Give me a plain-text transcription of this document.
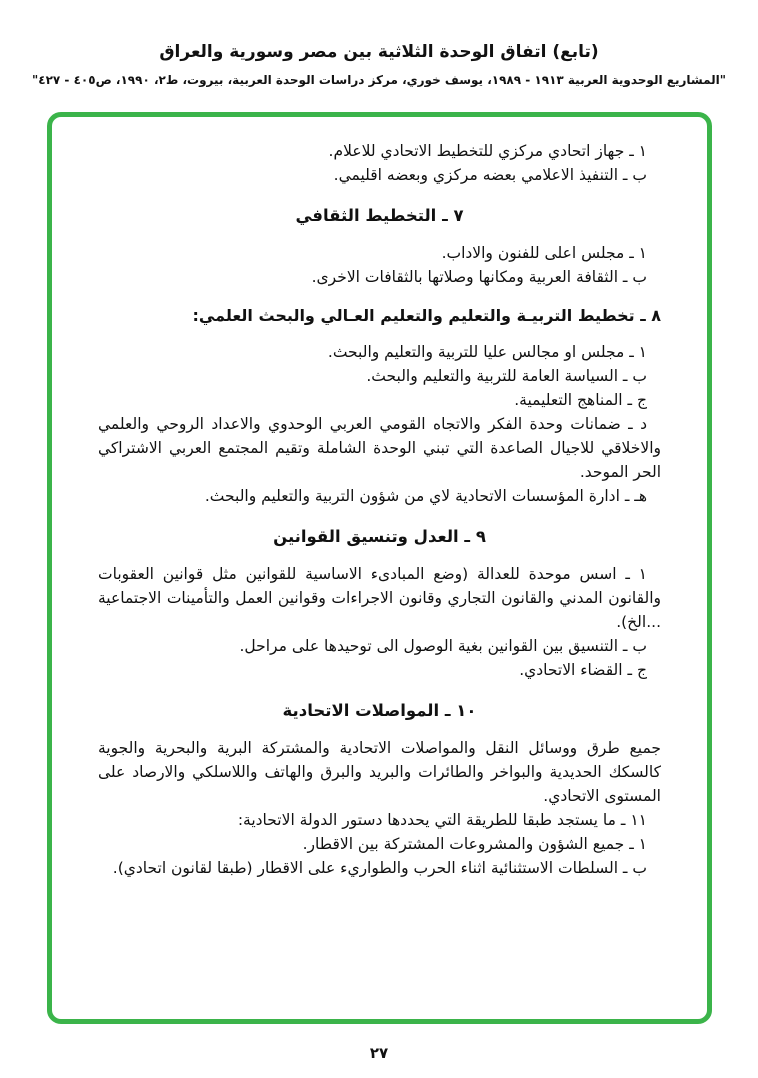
(تابع) اتفاق الوحدة الثلاثية بين مصر وسورية والعراق
"المشاريع الوحدوية العربية ١٩١٣ - ١٩٨٩، يوسف خوري، مركز دراسات الوحدة العربية، بيروت، ط٢، ١٩٩٠، ص٤٠٥ - ٤٢٧"

١ ـ جهاز اتحادي مركزي للتخطيط الاتحادي للاعلام.

ب ـ التنفيذ الاعلامي بعضه مركزي وبعضه اقليمي.

٧ ـ التخطيط الثقافي

١ ـ مجلس اعلى للفنون والاداب.

ب ـ الثقافة العربية ومكانها وصلاتها بالثقافات الاخرى.

٨ ـ تخطيط التربيـة والتعليم والتعليم العـالي والبحث العلمي:

١ ـ مجلس او مجالس عليا للتربية والتعليم والبحث.

ب ـ السياسة العامة للتربية والتعليم والبحث.

ج ـ المناهج التعليمية.

د ـ ضمانات وحدة الفكر والاتجاه القومي العربي الوحدوي والاعداد الروحي والعلمي والاخلاقي للاجيال الصاعدة التي تبني الوحدة الشاملة وتقيم المجتمع العربي الاشتراكي الحر الموحد.

هـ ـ ادارة المؤسسات الاتحادية لاي من شؤون التربية والتعليم والبحث.

٩ ـ العدل وتنسيق القوانين

١ ـ اسس موحدة للعدالة (وضع المبادىء الاساسية للقوانين مثل قوانين العقوبات والقانون المدني والقانون التجاري وقانون الاجراءات وقوانين العمل والتأمينات الاجتماعية ...الخ).

ب ـ التنسيق بين القوانين بغية الوصول الى توحيدها على مراحل.

ج ـ القضاء الاتحادي.

١٠ ـ المواصلات الاتحادية

جميع طرق ووسائل النقل والمواصلات الاتحادية والمشتركة البرية والبحرية والجوية كالسكك الحديدية والبواخر والطائرات والبريد والبرق والهاتف واللاسلكي والارصاد على المستوى الاتحادي.

١١ ـ ما يستجد طبقا للطريقة التي يحددها دستور الدولة الاتحادية:

١ ـ جميع الشؤون والمشروعات المشتركة بين الاقطار.

ب ـ السلطات الاستثنائية اثناء الحرب والطواريء على الاقطار (طبقا لقانون اتحادي).

٢٧
